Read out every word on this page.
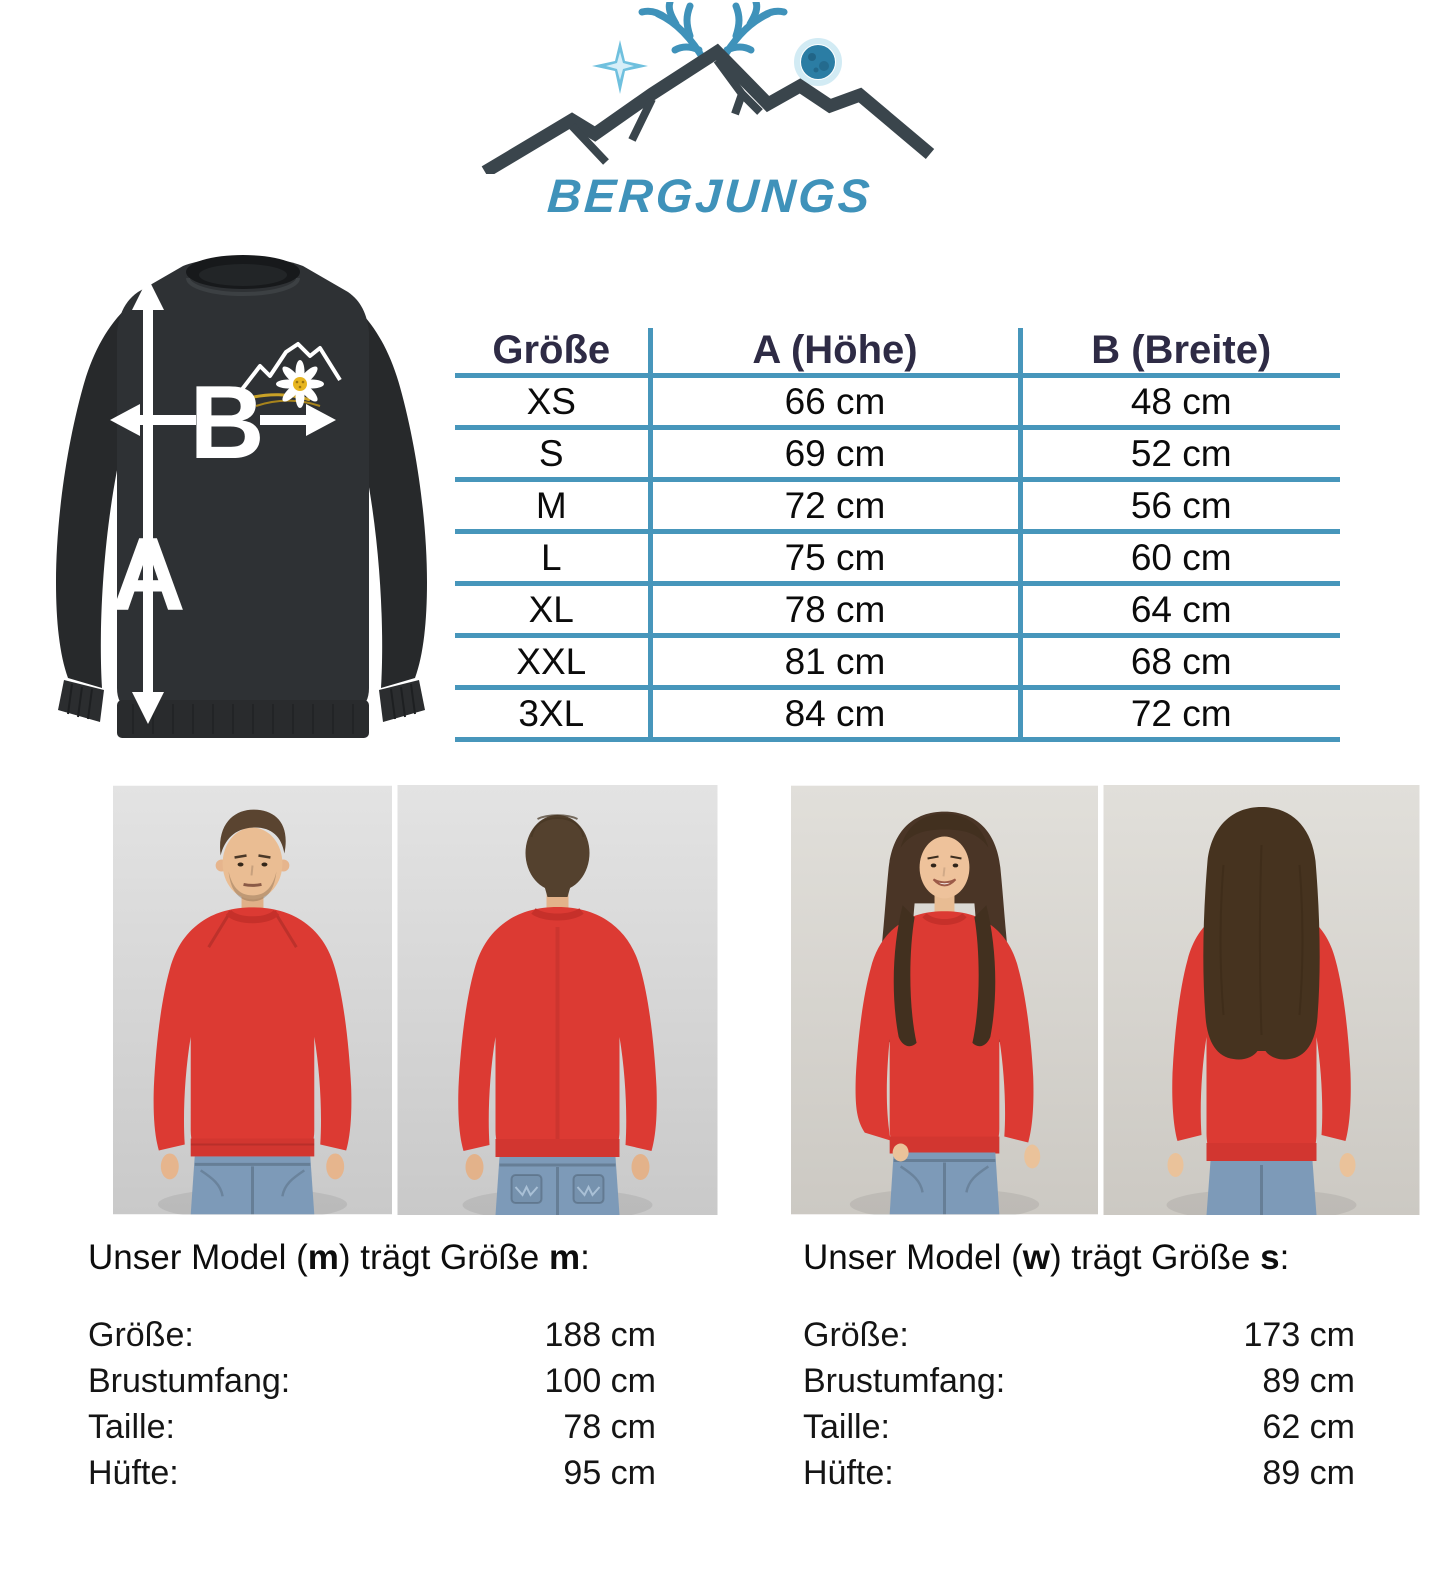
BERGJUNGS
A
B
Größe	A (Höhe)	B (Breite)
XS	66 cm	48 cm
S	69 cm	52 cm
M	72 cm	56 cm
L	75 cm	60 cm
XL	78 cm	64 cm
XXL	81 cm	68 cm
3XL	84 cm	72 cm

Unser Model (m) trägt Größe m:

Größe:	188 cm
Brustumfang:	100 cm
Taille:	78 cm
Hüfte:	95 cm

Unser Model (w) trägt Größe s:

Größe:	173 cm
Brustumfang:	89 cm
Taille:	62 cm
Hüfte:	89 cm
